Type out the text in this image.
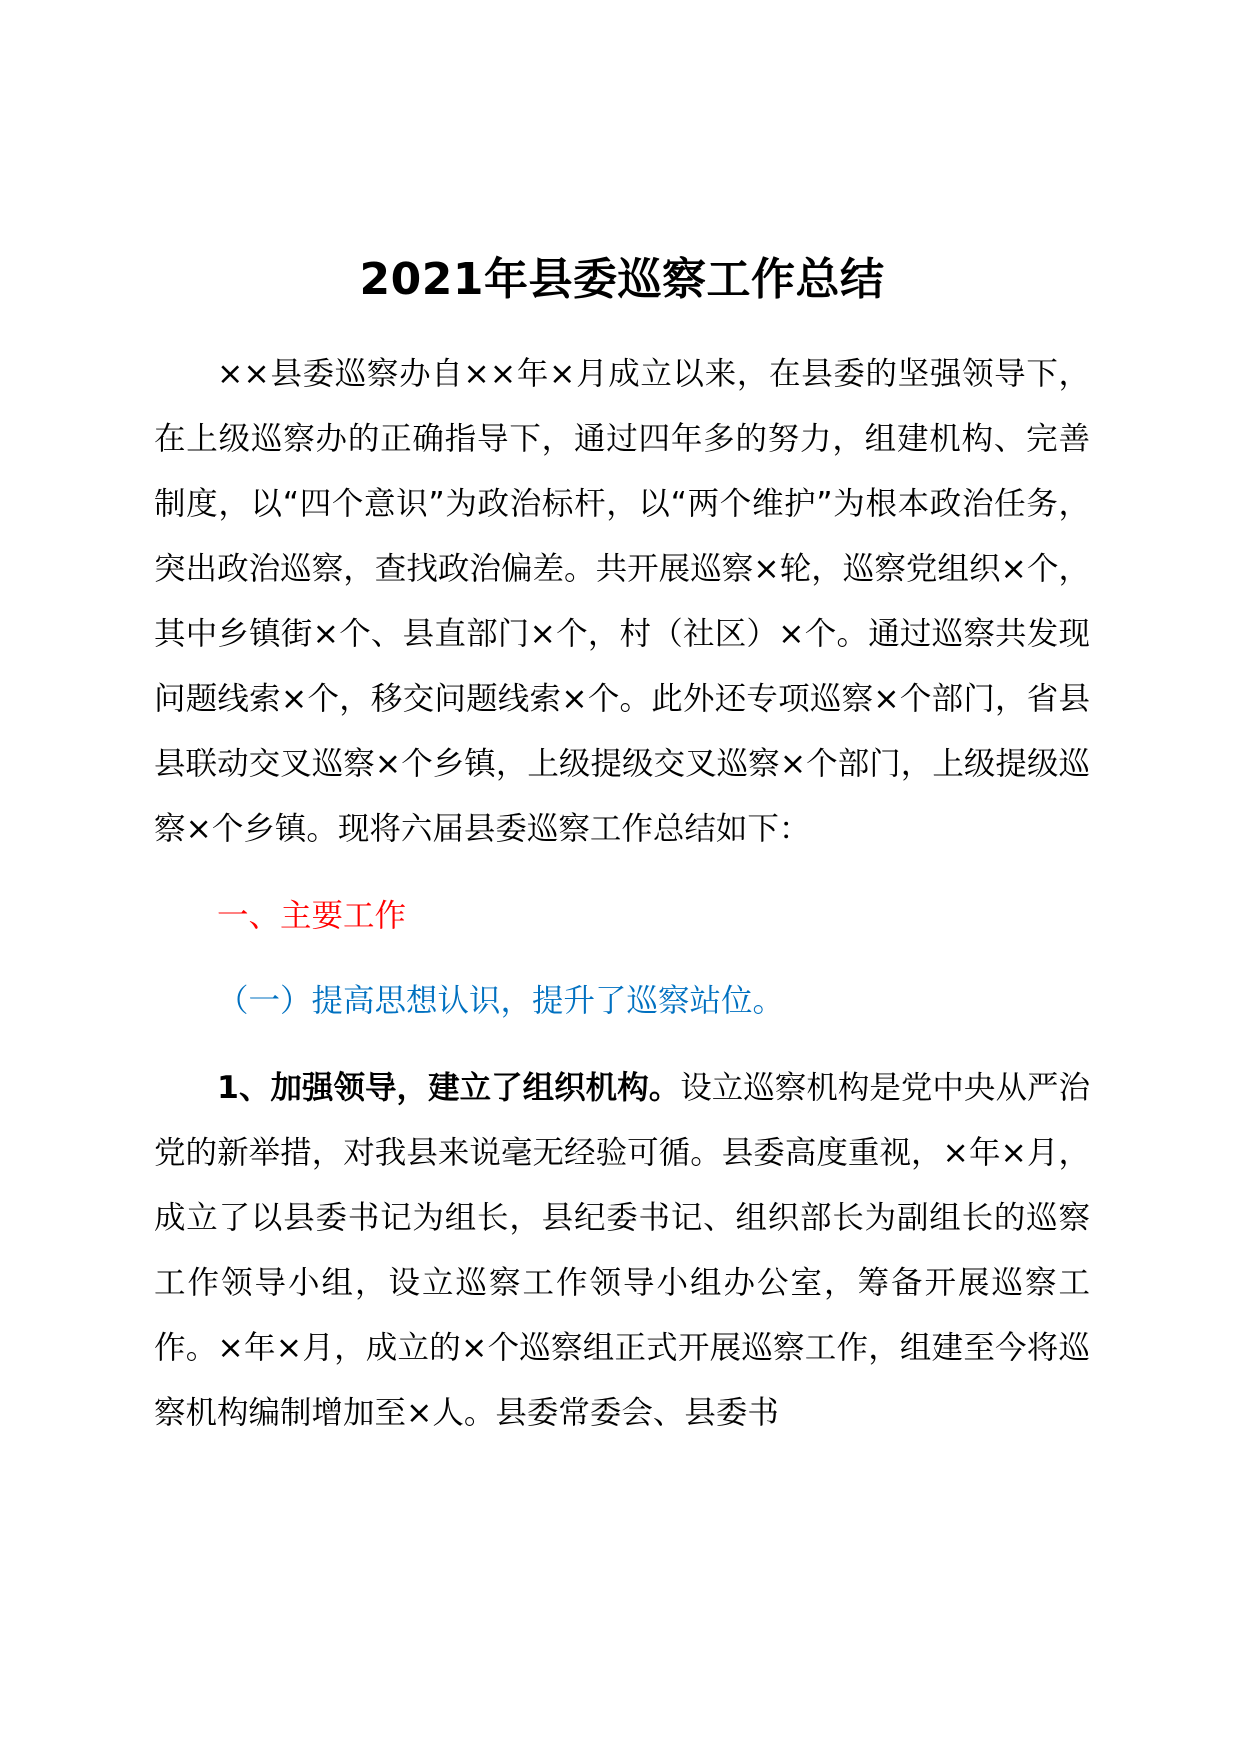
2021年县委巡察工作总结

××县委巡察办自××年×月成立以来，在县委的坚强领导下，在上级巡察办的正确指导下，通过四年多的努力，组建机构、完善制度，以“四个意识”为政治标杆，以“两个维护”为根本政治任务，突出政治巡察，查找政治偏差。共开展巡察×轮，巡察党组织×个，其中乡镇街×个、县直部门×个，村（社区）×个。通过巡察共发现问题线索×个，移交问题线索×个。此外还专项巡察×个部门，省县县联动交叉巡察×个乡镇，上级提级交叉巡察×个部门，上级提级巡察×个乡镇。现将六届县委巡察工作总结如下：

一、主要工作

（一）提高思想认识，提升了巡察站位。

1、加强领导，建立了组织机构。设立巡察机构是党中央从严治党的新举措，对我县来说毫无经验可循。县委高度重视，×年×月，成立了以县委书记为组长，县纪委书记、组织部长为副组长的巡察工作领导小组，设立巡察工作领导小组办公室，筹备开展巡察工作。×年×月，成立的×个巡察组正式开展巡察工作，组建至今将巡察机构编制增加至×人。县委常委会、县委书
